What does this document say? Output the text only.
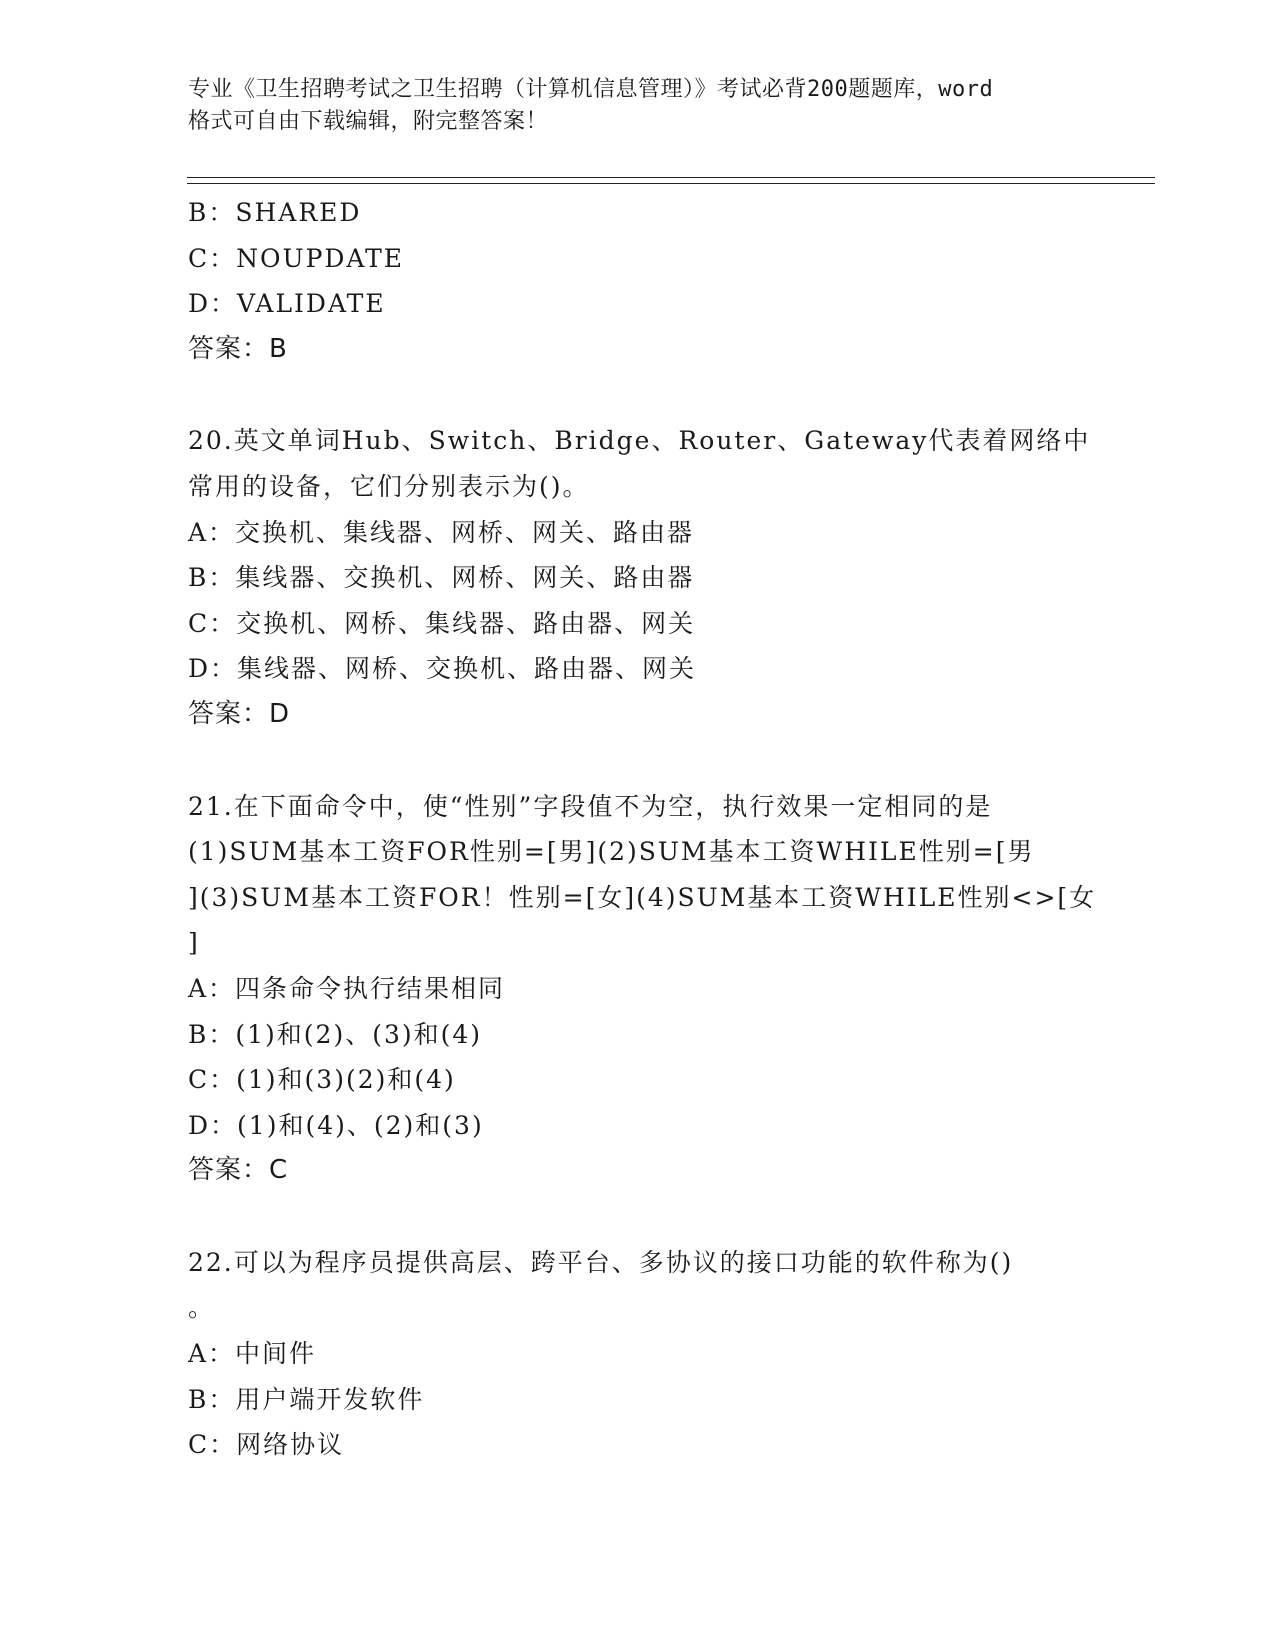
专业《卫生招聘考试之卫生招聘（计算机信息管理）》考试必背200题题库，word
格式可自由下载编辑，附完整答案！
B：SHARED
C：NOUPDATE
D：VALIDATE
答案：B
20.英文单词Hub、Switch、Bridge、Router、Gateway代表着网络中
常用的设备，它们分别表示为()。
A：交换机、集线器、网桥、网关、路由器
B：集线器、交换机、网桥、网关、路由器
C：交换机、网桥、集线器、路由器、网关
D：集线器、网桥、交换机、路由器、网关
答案：D
21.在下面命令中，使“性别”字段值不为空，执行效果一定相同的是
(1)SUM基本工资FOR性别=[男](2)SUM基本工资WHILE性别=[男
](3)SUM基本工资FOR！性别=[女](4)SUM基本工资WHILE性别<>[女
]
A：四条命令执行结果相同
B：(1)和(2)、(3)和(4)
C：(1)和(3)(2)和(4)
D：(1)和(4)、(2)和(3)
答案：C
22.可以为程序员提供高层、跨平台、多协议的接口功能的软件称为()
。
A：中间件
B：用户端开发软件
C：网络协议
